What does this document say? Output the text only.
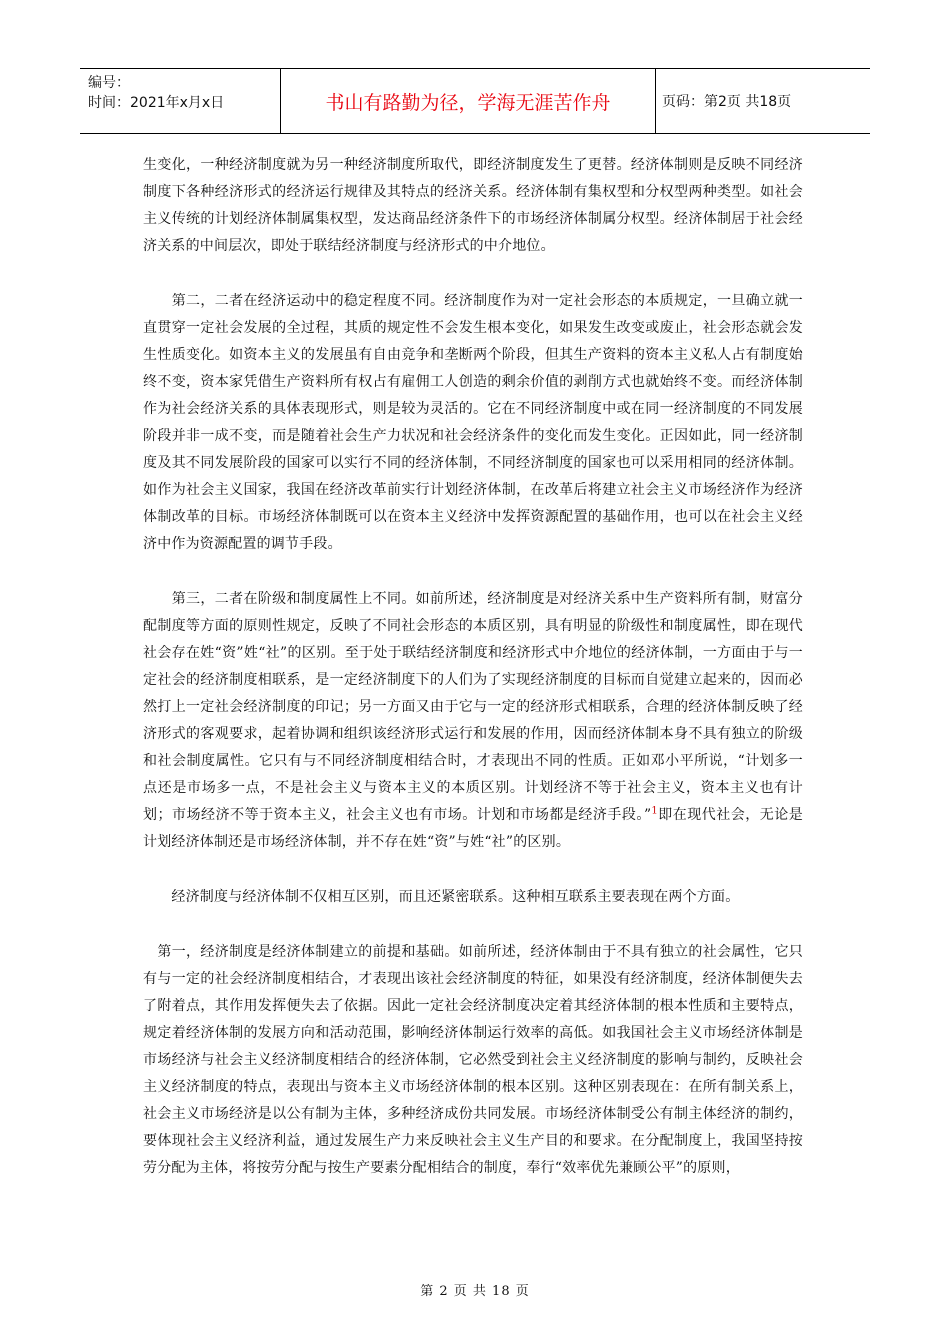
编号：
时间：2021年x月x日	书山有路勤为径，学海无涯苦作舟	页码：第2页 共18页

生变化，一种经济制度就为另一种经济制度所取代，即经济制度发生了更替。经济体制则是反映不同经济制度下各种经济形式的经济运行规律及其特点的经济关系。经济体制有集权型和分权型两种类型。如社会主义传统的计划经济体制属集权型，发达商品经济条件下的市场经济体制属分权型。经济体制居于社会经济关系的中间层次，即处于联结经济制度与经济形式的中介地位。

　　第二，二者在经济运动中的稳定程度不同。经济制度作为对一定社会形态的本质规定，一旦确立就一直贯穿一定社会发展的全过程，其质的规定性不会发生根本变化，如果发生改变或废止，社会形态就会发生性质变化。如资本主义的发展虽有自由竞争和垄断两个阶段，但其生产资料的资本主义私人占有制度始终不变，资本家凭借生产资料所有权占有雇佣工人创造的剩余价值的剥削方式也就始终不变。而经济体制作为社会经济关系的具体表现形式，则是较为灵活的。它在不同经济制度中或在同一经济制度的不同发展阶段并非一成不变，而是随着社会生产力状况和社会经济条件的变化而发生变化。正因如此，同一经济制度及其不同发展阶段的国家可以实行不同的经济体制，不同经济制度的国家也可以采用相同的经济体制。如作为社会主义国家，我国在经济改革前实行计划经济体制，在改革后将建立社会主义市场经济作为经济体制改革的目标。市场经济体制既可以在资本主义经济中发挥资源配置的基础作用，也可以在社会主义经济中作为资源配置的调节手段。

　　第三，二者在阶级和制度属性上不同。如前所述，经济制度是对经济关系中生产资料所有制，财富分配制度等方面的原则性规定，反映了不同社会形态的本质区别，具有明显的阶级性和制度属性，即在现代社会存在姓“资”姓“社”的区别。至于处于联结经济制度和经济形式中介地位的经济体制，一方面由于与一定社会的经济制度相联系，是一定经济制度下的人们为了实现经济制度的目标而自觉建立起来的，因而必然打上一定社会经济制度的印记；另一方面又由于它与一定的经济形式相联系，合理的经济体制反映了经济形式的客观要求，起着协调和组织该经济形式运行和发展的作用，因而经济体制本身不具有独立的阶级和社会制度属性。它只有与不同经济制度相结合时，才表现出不同的性质。正如邓小平所说，“计划多一点还是市场多一点，不是社会主义与资本主义的本质区别。计划经济不等于社会主义，资本主义也有计划；市场经济不等于资本主义，社会主义也有市场。计划和市场都是经济手段。”$^1$即在现代社会，无论是计划经济体制还是市场经济体制，并不存在姓“资”与姓“社”的区别。

　　经济制度与经济体制不仅相互区别，而且还紧密联系。这种相互联系主要表现在两个方面。

　第一，经济制度是经济体制建立的前提和基础。如前所述，经济体制由于不具有独立的社会属性，它只有与一定的社会经济制度相结合，才表现出该社会经济制度的特征，如果没有经济制度，经济体制便失去了附着点，其作用发挥便失去了依据。因此一定社会经济制度决定着其经济体制的根本性质和主要特点，规定着经济体制的发展方向和活动范围，影响经济体制运行效率的高低。如我国社会主义市场经济体制是市场经济与社会主义经济制度相结合的经济体制，它必然受到社会主义经济制度的影响与制约，反映社会主义经济制度的特点，表现出与资本主义市场经济体制的根本区别。这种区别表现在：在所有制关系上，社会主义市场经济是以公有制为主体，多种经济成份共同发展。市场经济体制受公有制主体经济的制约，要体现社会主义经济利益，通过发展生产力来反映社会主义生产目的和要求。在分配制度上，我国坚持按劳分配为主体，将按劳分配与按生产要素分配相结合的制度，奉行“效率优先兼顾公平”的原则，

第 2 页 共 18 页
